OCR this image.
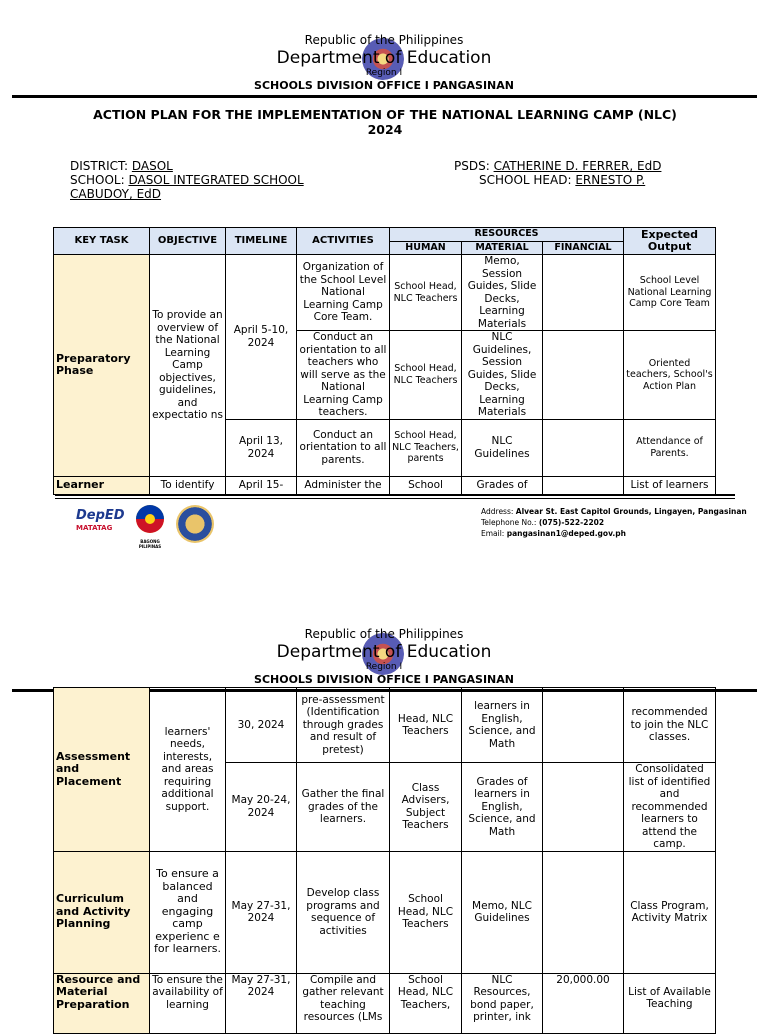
Republic of the Philippines
Department of Education
Region I
SCHOOLS DIVISION OFFICE I PANGASINAN
ACTION PLAN FOR THE IMPLEMENTATION OF THE NATIONAL LEARNING CAMP (NLC)
2024
DISTRICT: DASOL
SCHOOL: DASOL INTEGRATED SCHOOL
CABUDOY, EdD
PSDS: CATHERINE D. FERRER, EdD
SCHOOL HEAD: ERNESTO P.
KEY TASK	OBJECTIVE	TIMELINE	ACTIVITIES	RESOURCES			Expected Output
				HUMAN	MATERIAL	FINANCIAL	
Preparatory Phase	To provide an overview of the National Learning Camp objectives, guidelines, and expectatio ns	April 5-10, 2024	Organization of the School Level National Learning Camp Core Team.	School Head, NLC Teachers	Memo, Session Guides, Slide Decks, Learning Materials		School Level National Learning Camp Core Team
			Conduct an orientation to all teachers who will serve as the National Learning Camp teachers.	School Head, NLC Teachers	NLC Guidelines, Session Guides, Slide Decks, Learning Materials		Oriented teachers, School's Action Plan
		April 13, 2024	Conduct an orientation to all parents.	School Head, NLC Teachers, parents	NLC Guidelines		Attendance of Parents.
Learner	To identify	April 15-	Administer the	School	Grades of		List of learners
DepED
MATATAG
BAGONG PILIPINAS
Address: Alvear St. East Capitol Grounds, Lingayen, Pangasinan
Telephone No.: (075)-522-2202
Email: pangasinan1@deped.gov.ph
Republic of the Philippines
Department of Education
Region I
SCHOOLS DIVISION OFFICE I PANGASINAN
Assessment and Placement	learners' needs, interests, and areas requiring additional support.	30, 2024	pre-assessment (Identification through grades and result of pretest)	Head, NLC Teachers	learners in English, Science, and Math		recommended to join the NLC classes.
		May 20-24, 2024	Gather the final grades of the learners.	Class Advisers, Subject Teachers	Grades of learners in English, Science, and Math		Consolidated list of identified and recommended learners to attend the camp.
Curriculum and Activity Planning	To ensure a balanced and engaging camp experienc e for learners.	May 27-31, 2024	Develop class programs and sequence of activities	School Head, NLC Teachers	Memo, NLC Guidelines		Class Program, Activity Matrix
Resource and Material Preparation	To ensure the availability of learning	May 27-31, 2024	Compile and gather relevant teaching resources (LMs	School Head, NLC Teachers,	NLC Resources, bond paper, printer, ink	20,000.00	List of Available Teaching
